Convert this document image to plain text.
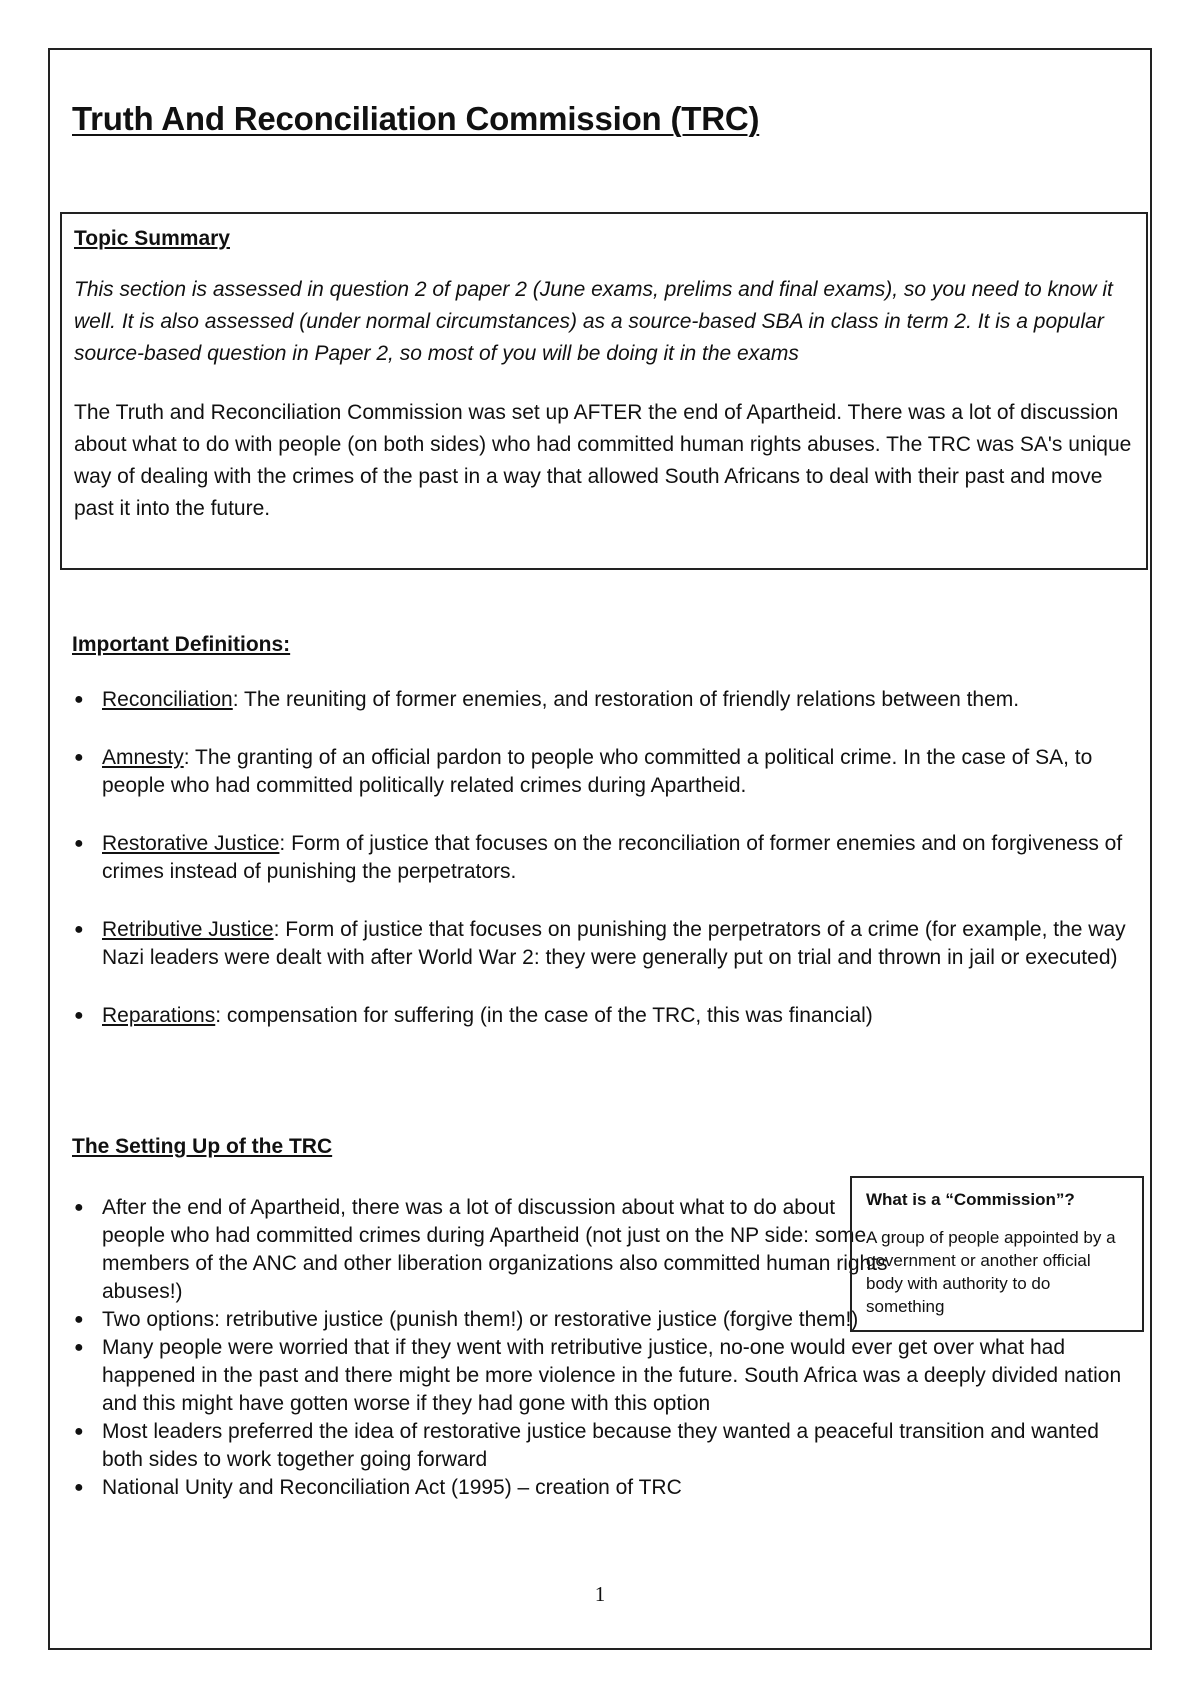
Truth And Reconciliation Commission (TRC)
Topic Summary

This section is assessed in question 2 of paper 2 (June exams, prelims and final exams), so you need to know it well. It is also assessed (under normal circumstances) as a source-based SBA in class in term 2. It is a popular source-based question in Paper 2, so most of you will be doing it in the exams

The Truth and Reconciliation Commission was set up AFTER the end of Apartheid. There was a lot of discussion about what to do with people (on both sides) who had committed human rights abuses. The TRC was SA's unique way of dealing with the crimes of the past in a way that allowed South Africans to deal with their past and move past it into the future.

Important Definitions:
● Reconciliation: The reuniting of former enemies, and restoration of friendly relations between them.
● Amnesty: The granting of an official pardon to people who committed a political crime. In the case of SA, to people who had committed politically related crimes during Apartheid.
● Restorative Justice: Form of justice that focuses on the reconciliation of former enemies and on forgiveness of crimes instead of punishing the perpetrators.
● Retributive Justice: Form of justice that focuses on punishing the perpetrators of a crime (for example, the way Nazi leaders were dealt with after World War 2: they were generally put on trial and thrown in jail or executed)
● Reparations: compensation for suffering (in the case of the TRC, this was financial)
The Setting Up of the TRC
● After the end of Apartheid, there was a lot of discussion about what to do about people who had committed crimes during Apartheid (not just on the NP side: some members of the ANC and other liberation organizations also committed human rights abuses!)
● Two options: retributive justice (punish them!) or restorative justice (forgive them!)
● Many people were worried that if they went with retributive justice, no-one would ever get over what had happened in the past and there might be more violence in the future. South Africa was a deeply divided nation and this might have gotten worse if they had gone with this option
● Most leaders preferred the idea of restorative justice because they wanted a peaceful transition and wanted both sides to work together going forward
● National Unity and Reconciliation Act (1995) – creation of TRC

What is a “Commission”?

A group of people appointed by a government or another official body with authority to do something

1
